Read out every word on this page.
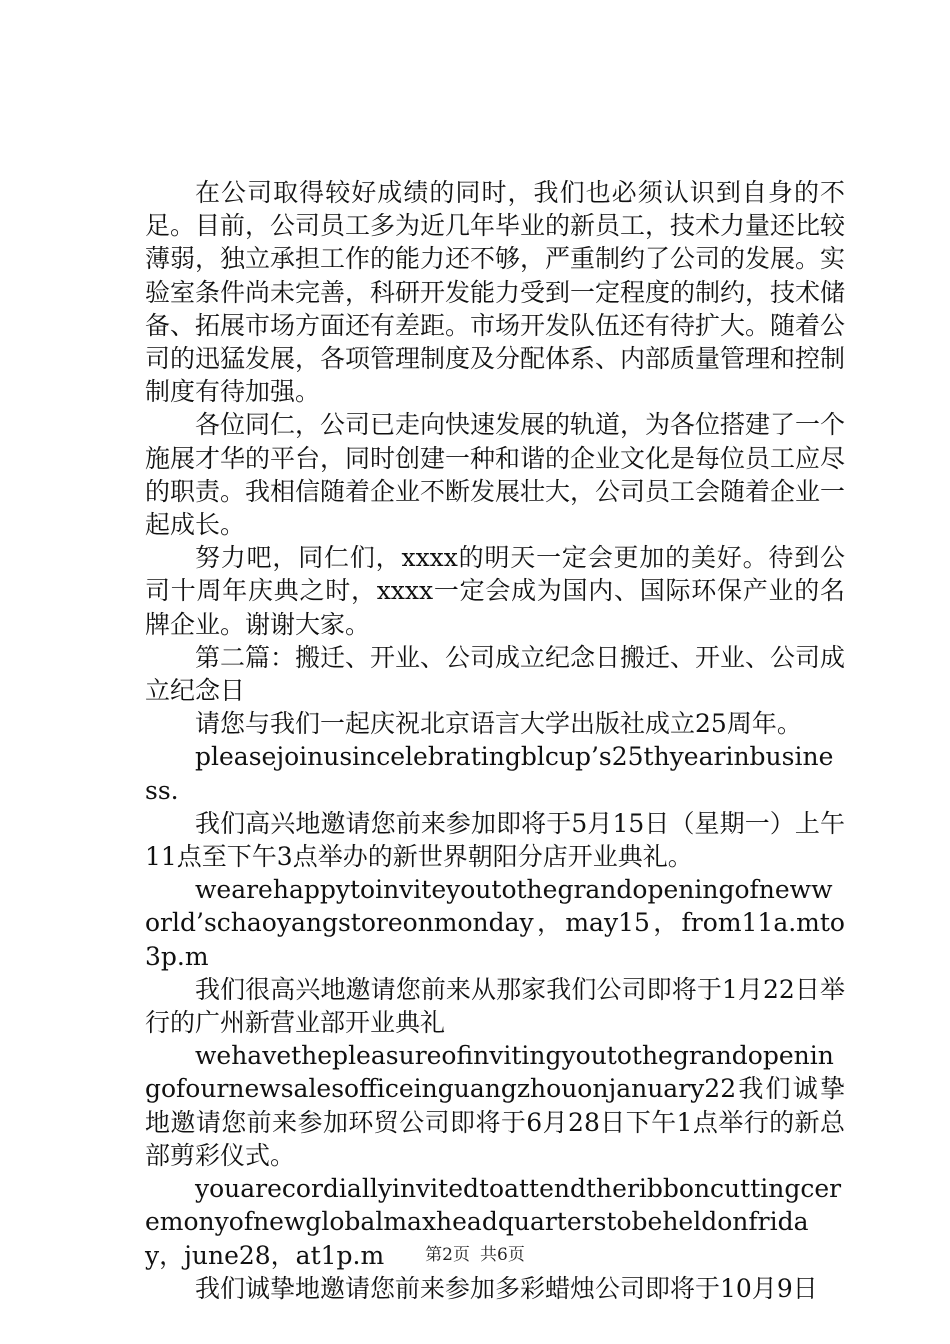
在公司取得较好成绩的同时，我们也必须认识到自身的不足。目前，公司员工多为近几年毕业的新员工，技术力量还比较薄弱，独立承担工作的能力还不够，严重制约了公司的发展。实验室条件尚未完善，科研开发能力受到一定程度的制约，技术储备、拓展市场方面还有差距。市场开发队伍还有待扩大。随着公司的迅猛发展，各项管理制度及分配体系、内部质量管理和控制制度有待加强。

各位同仁，公司已走向快速发展的轨道，为各位搭建了一个施展才华的平台，同时创建一种和谐的企业文化是每位员工应尽的职责。我相信随着企业不断发展壮大，公司员工会随着企业一起成长。

努力吧，同仁们，xxxx的明天一定会更加的美好。待到公司十周年庆典之时，xxxx一定会成为国内、国际环保产业的名牌企业。谢谢大家。

第二篇：搬迁、开业、公司成立纪念日搬迁、开业、公司成立纪念日

请您与我们一起庆祝北京语言大学出版社成立25周年。

pleasejoinusincelebratingblcup’s25thyearinbusiness.

我们高兴地邀请您前来参加即将于5月15日（星期一）上午11点至下午3点举办的新世界朝阳分店开业典礼。

wearehappytoinviteyoutothegrandopeningofnewworld’schaoyangstoreonmonday，may15，from11a.mto3p.m

我们很高兴地邀请您前来从那家我们公司即将于1月22日举行的广州新营业部开业典礼

wehavethepleasureofinvitingyoutothegrandopeningofournewsalesofficeinguangzhouonjanuary22我们诚挚地邀请您前来参加环贸公司即将于6月28日下午1点举行的新总部剪彩仪式。

youarecordiallyinvitedtoattendtheribboncuttingceremonyofnewglobalmaxheadquarterstobeheldonfriday，june28，at1p.m

我们诚挚地邀请您前来参加多彩蜡烛公司即将于10月9日

第2页 共6页
